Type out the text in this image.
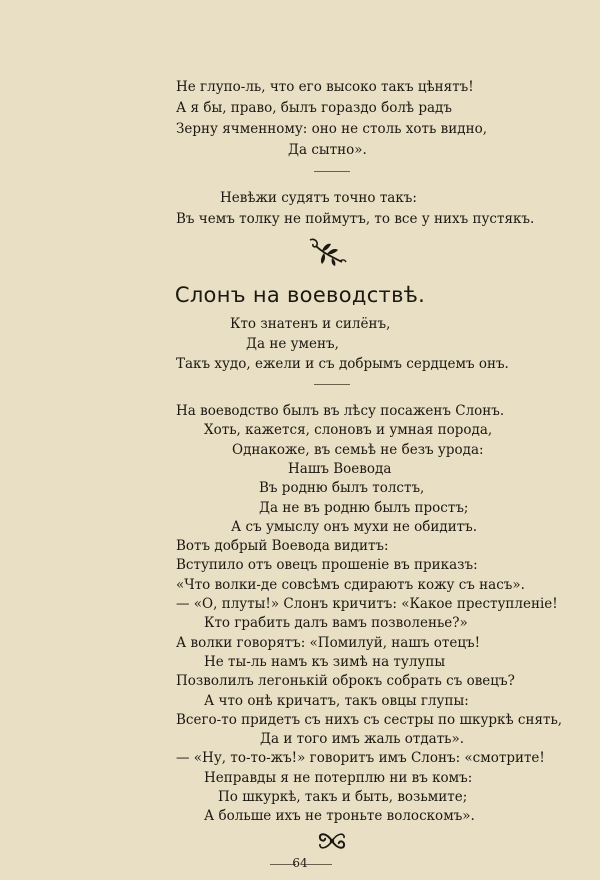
Не глупо-ль, что его высоко такъ цѣнятъ!
А я бы, право, былъ гораздо болѣ радъ
Зерну ячменному: оно не столь хоть видно,
Да сытно».
Невѣжи судятъ точно такъ:
Въ чемъ толку не поймутъ, то все у нихъ пустякъ.
Слонъ на воеводствѣ.
Кто знатенъ и силёнъ,
Да не уменъ,
Такъ худо, ежели и съ добрымъ сердцемъ онъ.
На воеводство былъ въ лѣсу посаженъ Слонъ.
Хоть, кажется, слоновъ и умная порода,
Однакоже, въ семьѣ не безъ урода:
Нашъ Воевода
Въ родню былъ толстъ,
Да не въ родню былъ простъ;
А съ умыслу онъ мухи не обидитъ.
Вотъ добрый Воевода видитъ:
Вступило отъ овецъ прошенiе въ приказъ:
«Что волки-де совсѣмъ сдираютъ кожу съ насъ».
— «О, плуты!» Слонъ кричитъ: «Какое преступленiе!
Кто грабить далъ вамъ позволенье?»
А волки говорятъ: «Помилуй, нашъ отецъ!
Не ты-ль намъ къ зимѣ на тулупы
Позволилъ легонькiй оброкъ собрать съ овецъ?
А что онѣ кричатъ, такъ овцы глупы:
Всего-то придетъ съ нихъ съ сестры по шкуркѣ снять,
Да и того имъ жаль отдать».
— «Ну, то-то-жъ!» говоритъ имъ Слонъ: «смотрите!
Неправды я не потерплю ни въ комъ:
По шкуркѣ, такъ и быть, возьмите;
А больше ихъ не троньте волоскомъ».
64
